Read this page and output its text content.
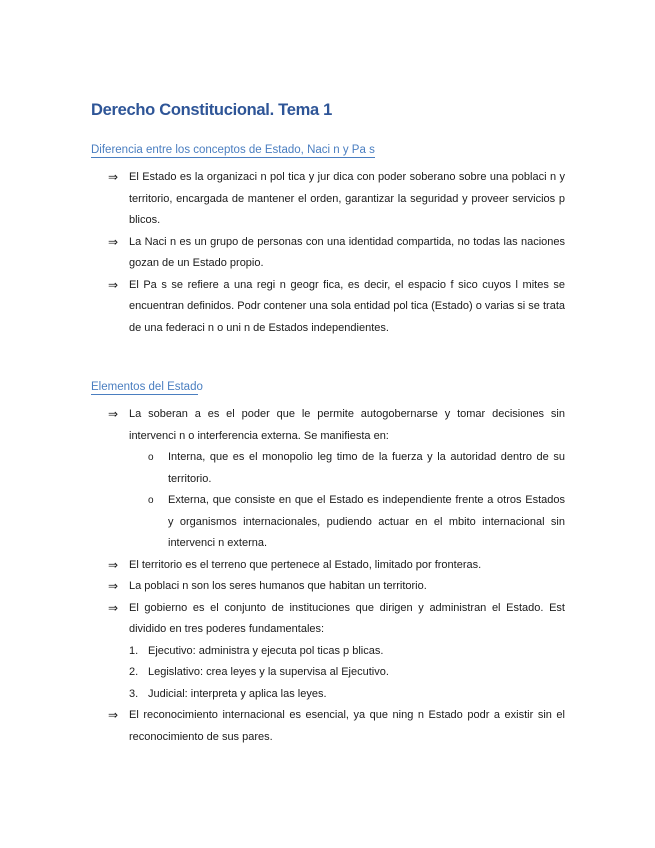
Derecho Constitucional. Tema 1
Diferencia entre los conceptos de Estado, Naci n y Pa s
⇒ El Estado es la organizaci n pol tica y jur dica con poder soberano sobre una poblaci n y territorio, encargada de mantener el orden, garantizar la seguridad y proveer servicios p blicos.
⇒ La Naci n es un grupo de personas con una identidad compartida, no todas las naciones gozan de un Estado propio.
⇒ El Pa s se refiere a una regi n geogr fica, es decir, el espacio f sico cuyos l mites se encuentran definidos. Podr contener una sola entidad pol tica (Estado) o varias si se trata de una federaci n o uni n de Estados independientes.
Elementos del Estado
⇒ La soberan a es el poder que le permite autogobernarse y tomar decisiones sin intervenci n o interferencia externa. Se manifiesta en:
o Interna, que es el monopolio leg timo de la fuerza y la autoridad dentro de su territorio.
o Externa, que consiste en que el Estado es independiente frente a otros Estados y organismos internacionales, pudiendo actuar en el mbito internacional sin intervenci n externa.
⇒ El territorio es el terreno que pertenece al Estado, limitado por fronteras.
⇒ La poblaci n son los seres humanos que habitan un territorio.
⇒ El gobierno es el conjunto de instituciones que dirigen y administran el Estado. Est dividido en tres poderes fundamentales:
1. Ejecutivo: administra y ejecuta pol ticas p blicas.
2. Legislativo: crea leyes y la supervisa al Ejecutivo.
3. Judicial: interpreta y aplica las leyes.
⇒ El reconocimiento internacional es esencial, ya que ning n Estado podr a existir sin el reconocimiento de sus pares.
